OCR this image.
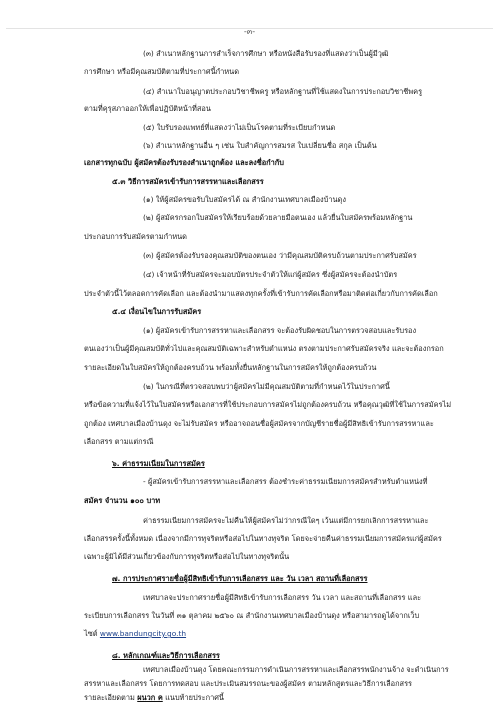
-๓-
(๓) สำเนาหลักฐานการสำเร็จการศึกษา หรือหนังสือรับรองที่แสดงว่าเป็นผู้มีวุฒิ
การศึกษา หรือมีคุณสมบัติตามที่ประกาศนี้กำหนด
(๔) สำเนาใบอนุญาตประกอบวิชาชีพครู หรือหลักฐานที่ใช้แสดงในการประกอบวิชาชีพครู
ตามที่คุรุสภาออกให้เพื่อปฏิบัติหน้าที่สอน
(๕) ใบรับรองแพทย์ที่แสดงว่าไม่เป็นโรคตามที่ระเบียบกำหนด
(๖) สำเนาหลักฐานอื่น ๆ เช่น ใบสำคัญการสมรส ใบเปลี่ยนชื่อ สกุล เป็นต้น
เอกสารทุกฉบับ ผู้สมัครต้องรับรองสำเนาถูกต้อง และลงชื่อกำกับ
๕.๓ วิธีการสมัครเข้ารับการสรรหาและเลือกสรร
(๑) ให้ผู้สมัครขอรับใบสมัครได้ ณ สำนักงานเทศบาลเมืองบ้านดุง
(๒) ผู้สมัครกรอกใบสมัครให้เรียบร้อยด้วยลายมือตนเอง แล้วยื่นใบสมัครพร้อมหลักฐาน
ประกอบการรับสมัครตามกำหนด
(๓) ผู้สมัครต้องรับรองคุณสมบัติของตนเอง ว่ามีคุณสมบัติครบถ้วนตามประกาศรับสมัคร
(๔) เจ้าหน้าที่รับสมัครจะมอบบัตรประจำตัวให้แก่ผู้สมัคร ซึ่งผู้สมัครจะต้องนำบัตร
ประจำตัวนี้ไว้ตลอดการคัดเลือก และต้องนำมาแสดงทุกครั้งที่เข้ารับการคัดเลือกหรือมาติดต่อเกี่ยวกับการคัดเลือก
๕.๔ เงื่อนไขในการรับสมัคร
(๑) ผู้สมัครเข้ารับการสรรหาและเลือกสรร จะต้องรับผิดชอบในการตรวจสอบและรับรอง
ตนเองว่าเป็นผู้มีคุณสมบัติทั่วไปและคุณสมบัติเฉพาะสำหรับตำแหน่ง ตรงตามประกาศรับสมัครจริง และจะต้องกรอก
รายละเอียดในใบสมัครให้ถูกต้องครบถ้วน พร้อมทั้งยื่นหลักฐานในการสมัครให้ถูกต้องครบถ้วน
(๒) ในกรณีที่ตรวจสอบพบว่าผู้สมัครไม่มีคุณสมบัติตามที่กำหนดไว้ในประกาศนี้
หรือข้อความที่แจ้งไว้ในใบสมัครหรือเอกสารที่ใช้ประกอบการสมัครไม่ถูกต้องครบถ้วน หรือคุณวุฒิที่ใช้ในการสมัครไม่
ถูกต้อง เทศบาลเมืองบ้านดุง จะไม่รับสมัคร หรืออาจถอนชื่อผู้สมัครจากบัญชีรายชื่อผู้มีสิทธิเข้ารับการสรรหาและ
เลือกสรร ตามแต่กรณี
๖. ค่าธรรมเนียมในการสมัคร
- ผู้สมัครเข้ารับการสรรหาและเลือกสรร ต้องชำระค่าธรรมเนียมการสมัครสำหรับตำแหน่งที่
สมัคร จำนวน ๑๐๐ บาท
ค่าธรรมเนียมการสมัครจะไม่คืนให้ผู้สมัครไม่ว่ากรณีใดๆ เว้นแต่มีการยกเลิกการสรรหาและ
เลือกสรรครั้งนี้ทั้งหมด เนื่องจากมีการทุจริตหรือส่อไปในทางทุจริต โดยจะจ่ายคืนค่าธรรมเนียมการสมัครแก่ผู้สมัคร
เฉพาะผู้มิได้มีส่วนเกี่ยวข้องกับการทุจริตหรือส่อไปในทางทุจริตนั้น
๗. การประกาศรายชื่อผู้มีสิทธิเข้ารับการเลือกสรร และ วัน เวลา สถานที่เลือกสรร
เทศบาลจะประกาศรายชื่อผู้มีสิทธิเข้ารับการเลือกสรร วัน เวลา และสถานที่เลือกสรร และ
ระเบียบการเลือกสรร ในวันที่ ๓๑ ตุลาคม ๒๕๖๐ ณ สำนักงานเทศบาลเมืองบ้านดุง หรือสามารถดูได้จากเว็บ
ไซต์ www.bandungcity.go.th
๘. หลักเกณฑ์และวิธีการเลือกสรร
เทศบาลเมืองบ้านดุง โดยคณะกรรมการดำเนินการสรรหาและเลือกสรรพนักงานจ้าง จะดำเนินการ
สรรหาและเลือกสรร โดยการทดสอบ และประเมินสมรรถนะของผู้สมัคร ตามหลักสูตรและวิธีการเลือกสรร
รายละเอียดตาม ผนวก ค แนบท้ายประกาศนี้
